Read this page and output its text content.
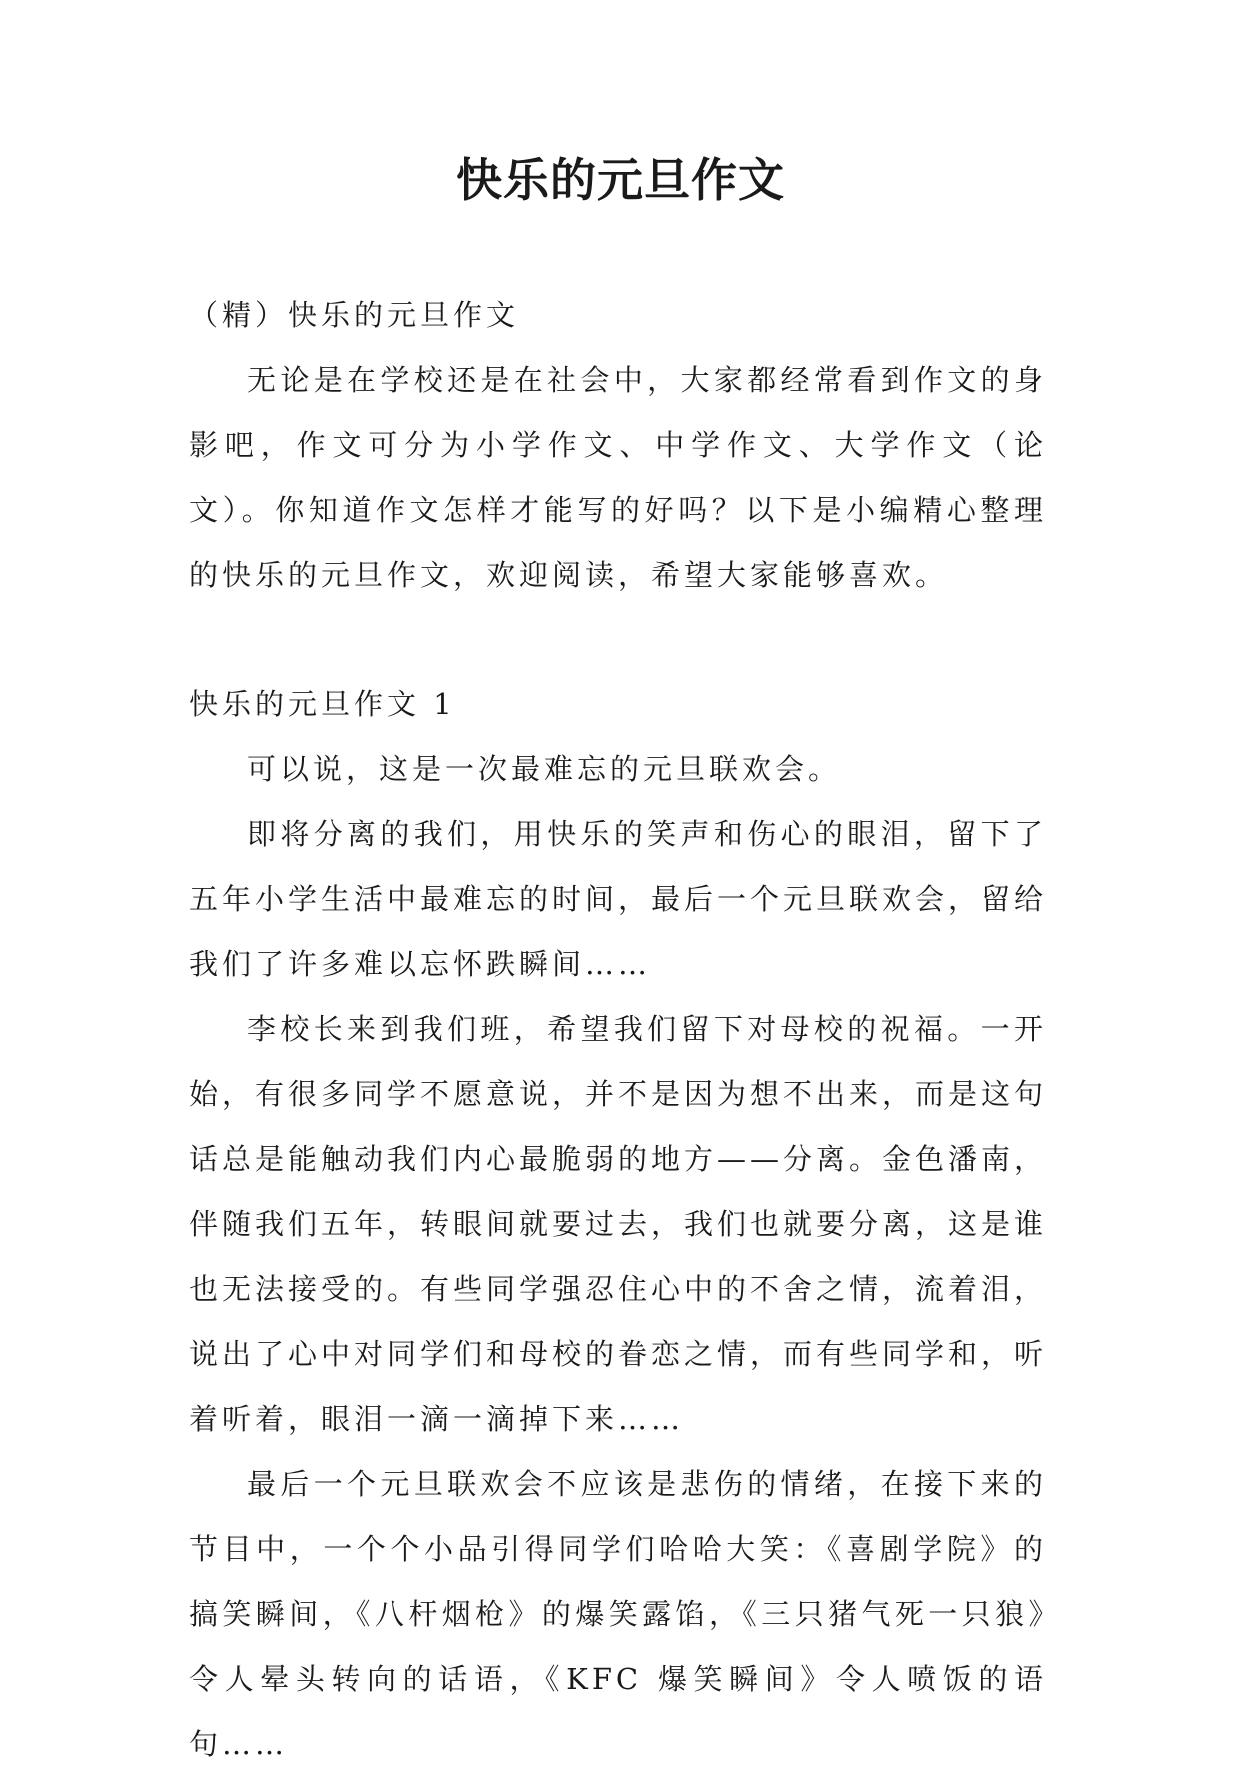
快乐的元旦作文

（精）快乐的元旦作文

无论是在学校还是在社会中，大家都经常看到作文的身影吧，作文可分为小学作文、中学作文、大学作文（论文）。你知道作文怎样才能写的好吗？以下是小编精心整理的快乐的元旦作文，欢迎阅读，希望大家能够喜欢。

快乐的元旦作文 1

可以说，这是一次最难忘的元旦联欢会。

即将分离的我们，用快乐的笑声和伤心的眼泪，留下了五年小学生活中最难忘的时间，最后一个元旦联欢会，留给我们了许多难以忘怀跌瞬间……

李校长来到我们班，希望我们留下对母校的祝福。一开始，有很多同学不愿意说，并不是因为想不出来，而是这句话总是能触动我们内心最脆弱的地方——分离。金色潘南，伴随我们五年，转眼间就要过去，我们也就要分离，这是谁也无法接受的。有些同学强忍住心中的不舍之情，流着泪，说出了心中对同学们和母校的眷恋之情，而有些同学和，听着听着，眼泪一滴一滴掉下来……

最后一个元旦联欢会不应该是悲伤的情绪，在接下来的节目中，一个个小品引得同学们哈哈大笑：《喜剧学院》的搞笑瞬间，《八杆烟枪》的爆笑露馅，《三只猪气死一只狼》令人晕头转向的话语，《KFC 爆笑瞬间》令人喷饭的语句……
